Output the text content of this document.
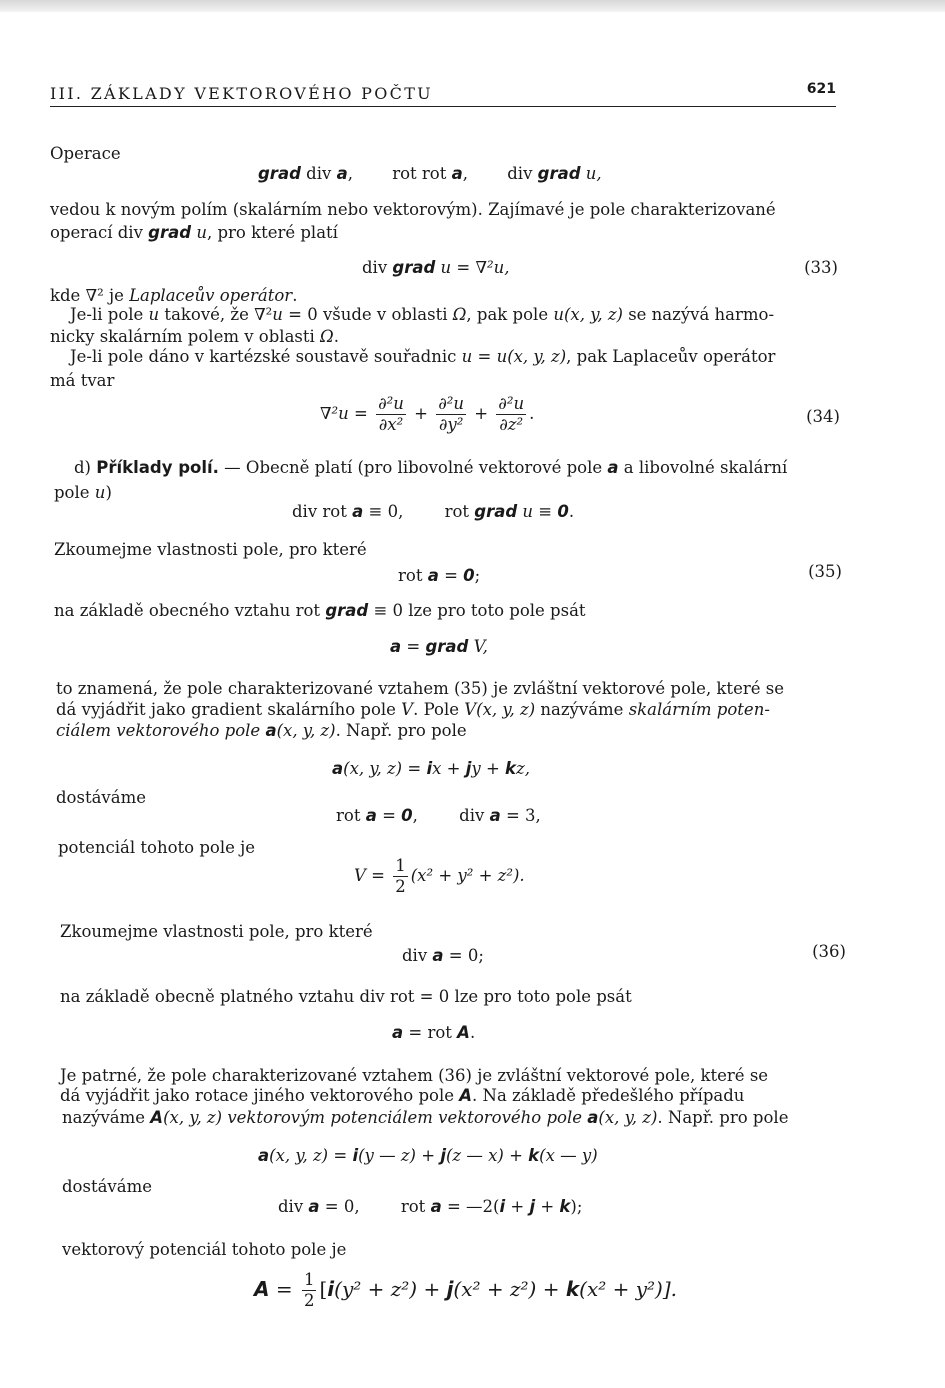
III. ZÁKLADY VEKTOROVÉHO POČTU	621
Operace
grad div a, rot rot a, div grad u,
vedou k novým polím (skalárním nebo vektorovým). Zajímavé je pole charakterizované
operací div grad u, pro které platí
div grad u = ∇²u,	(33)
kde ∇² je Laplaceův operátor.
Je-li pole u takové, že ∇²u = 0 všude v oblasti Ω, pak pole u(x, y, z) se nazývá harmo-
nicky skalárním polem v oblasti Ω.
Je-li pole dáno v kartézské soustavě souřadnic u = u(x, y, z), pak Laplaceův operátor
má tvar
$\nabla^2u = \frac{\text{∂²u}}{\text{∂x²}} + \frac{\text{∂²u}}{\text{∂y²}} + \frac{\text{∂²u}}{\text{∂z²}}$ .	(34)
d) Příklady polí. — Obecně platí (pro libovolné vektorové pole a a libovolné skalární
pole u)
div rot a ≡ 0,	rot grad u ≡ 0.
Zkoumejme vlastnosti pole, pro které
rot a = 0;	(35)
na základě obecného vztahu rot grad ≡ 0 lze pro toto pole psát
a = grad V,
to znamená, že pole charakterizované vztahem (35) je zvláštní vektorové pole, které se
dá vyjádřit jako gradient skalárního pole V. Pole V(x, y, z) nazýváme skalárním poten-
ciálem vektorového pole a(x, y, z). Např. pro pole
a(x, y, z) = ix + jy + kz,
dostáváme
rot a = 0,	div a = 3,
potenciál tohoto pole je
$V = \frac{1}{2} (x^2 + y^2 + z^2)$.
Zkoumejme vlastnosti pole, pro které
div a = 0;	(36)
na základě obecně platného vztahu div rot = 0 lze pro toto pole psát
a = rot A.
Je patrné, že pole charakterizované vztahem (36) je zvláštní vektorové pole, které se
dá vyjádřit jako rotace jiného vektorového pole A. Na základě předešlého případu
nazýváme A(x, y, z) vektorovým potenciálem vektorového pole a(x, y, z). Např. pro pole
a(x, y, z) = i(y — z) + j(z — x) + k(x — y)
dostáváme
div a = 0,	rot a = —2(i + j + k);
vektorový potenciál tohoto pole je
$A = \frac{1}{2} [i(y^2 + z^2) + j(x^2 + z^2) + k(x^2 + y^2)]$.
